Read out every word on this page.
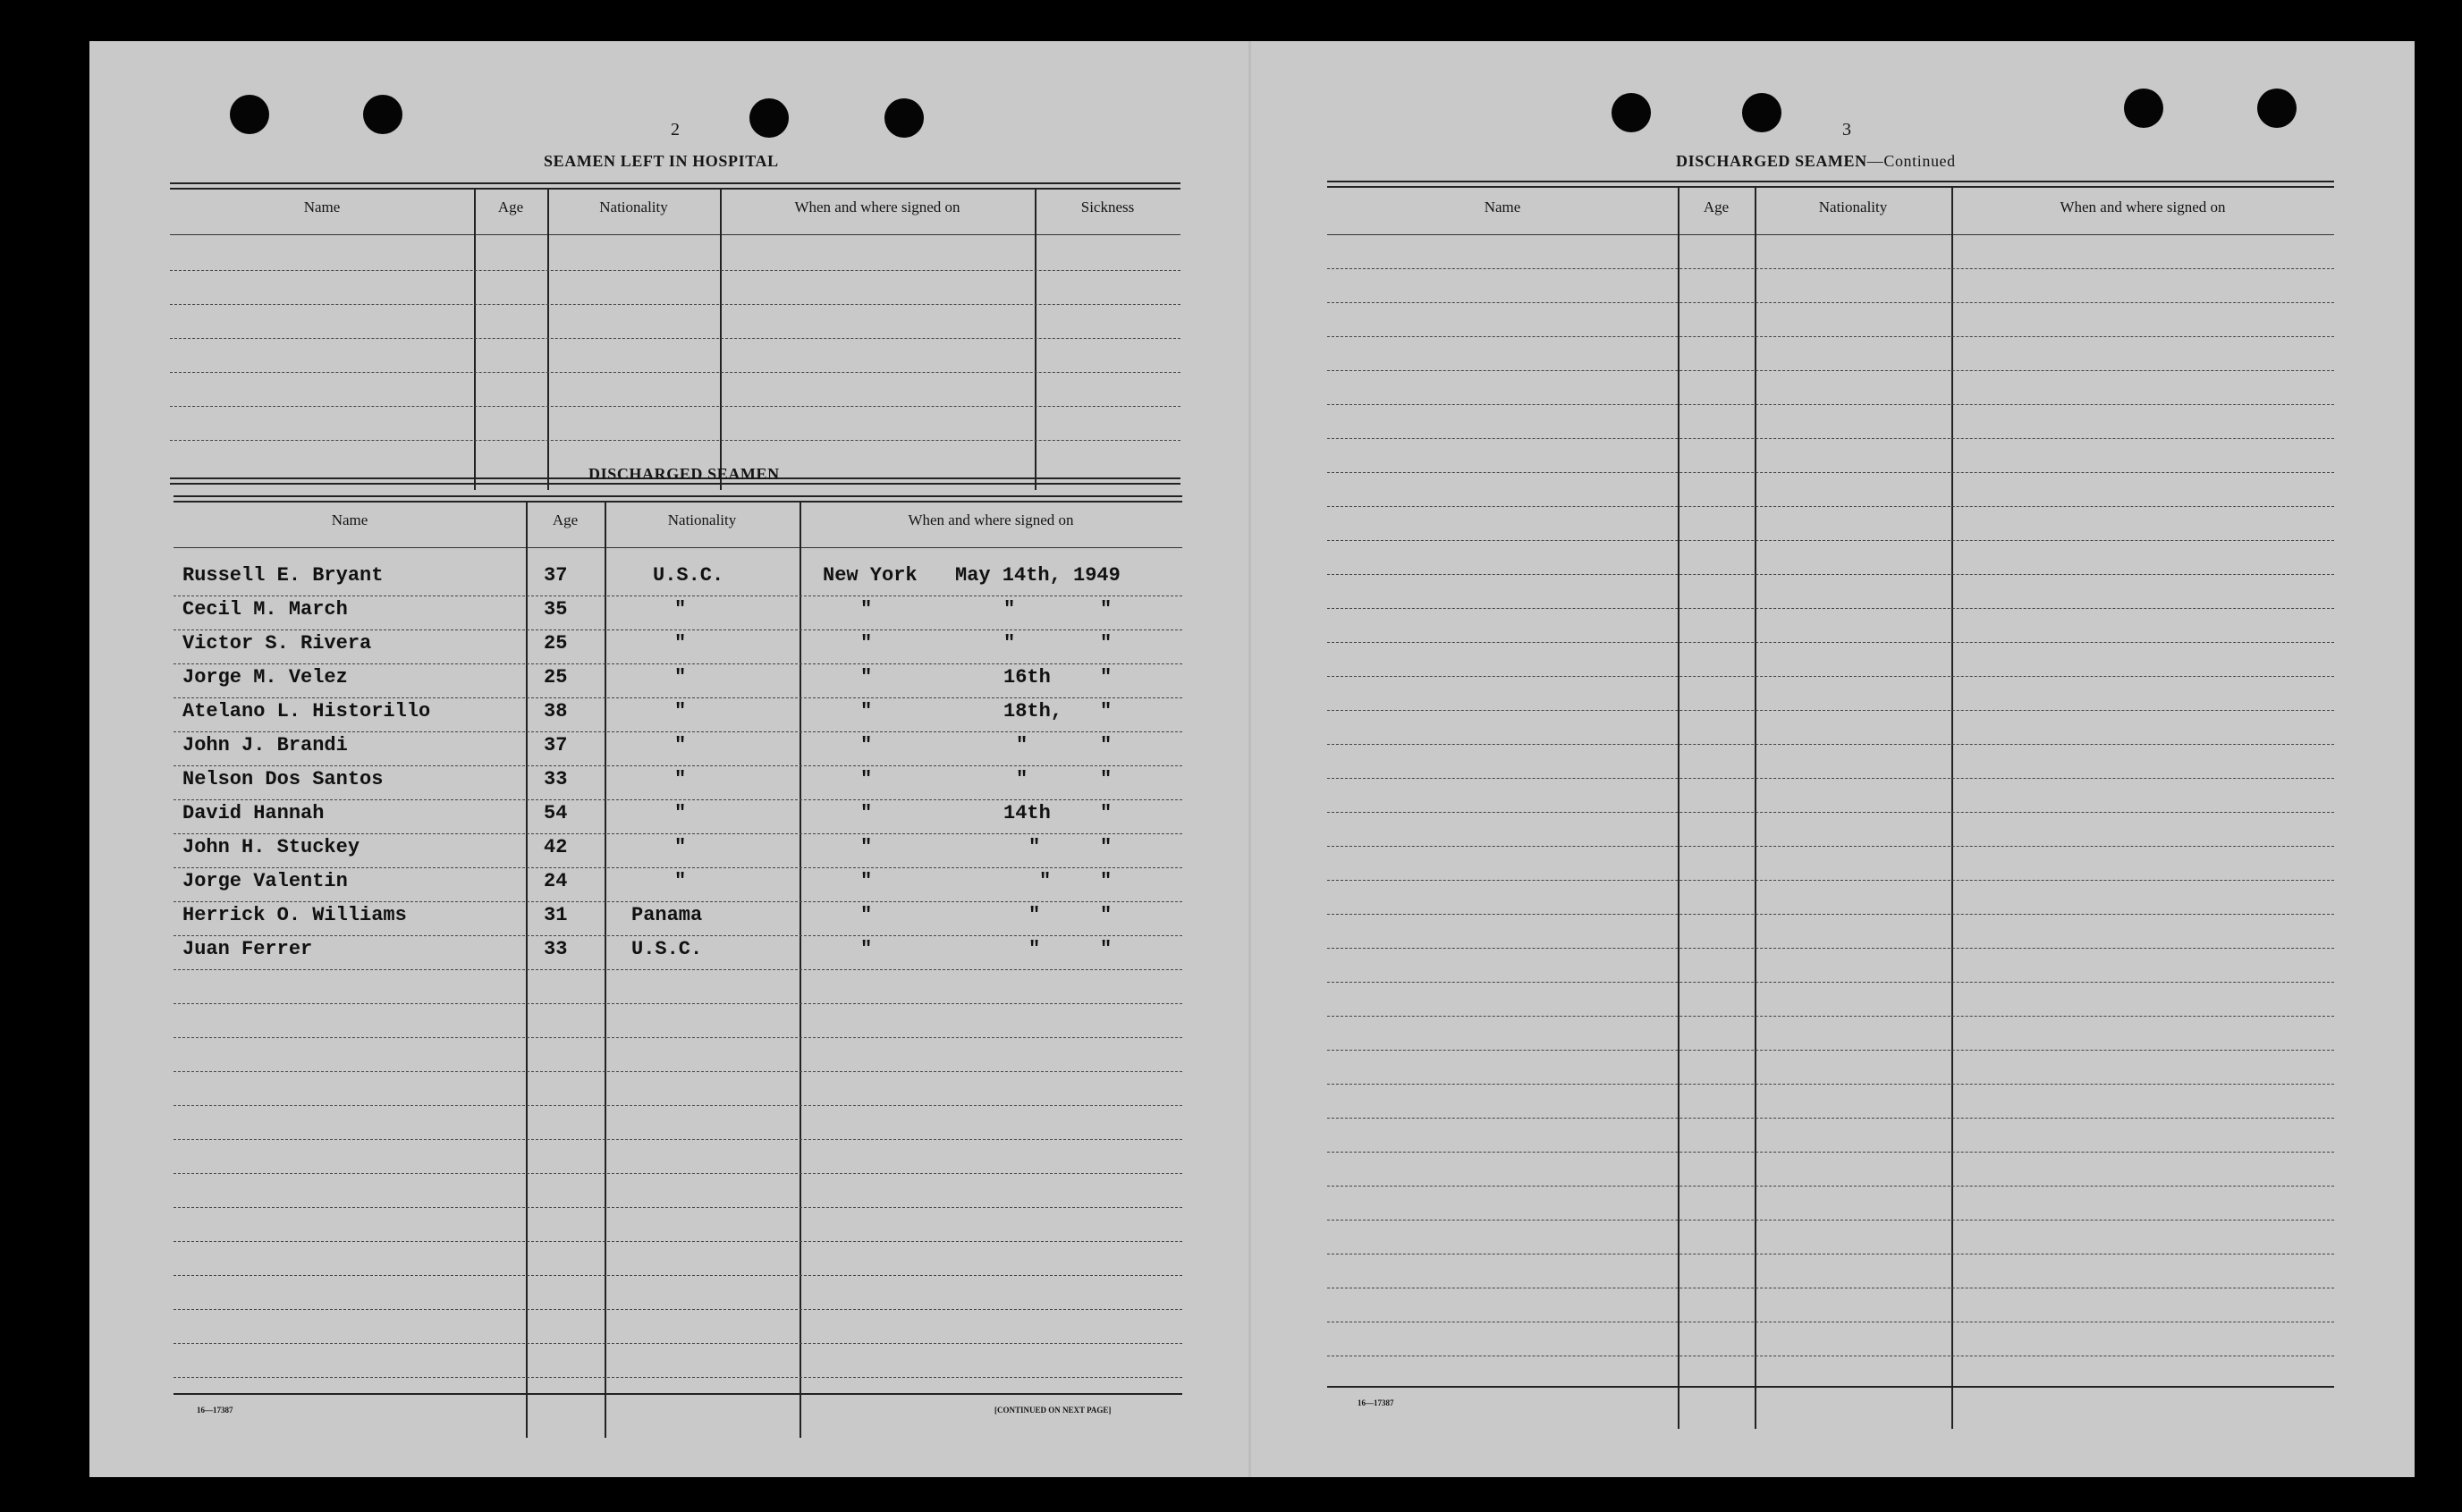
2
SEAMEN LEFT IN HOSPITAL
Name	Age	Nationality	When and where signed on	Sickness
DISCHARGED SEAMEN
Name	Age	Nationality	When and where signed on
Russell E. Bryant	37	U.S.C.	New York May 14th, 1949
Cecil M. March	35	"	"	"	"
Victor S. Rivera	25	"	"	"	"
Jorge M. Velez	25	"	"	16th	"
Atelano L. Historillo	38	"	"	18th, "
John J. Brandi	37	"	"	"	"
Nelson Dos Santos	33	"	"	"	"
David Hannah	54	"	"	14th	"
John H. Stuckey	42	"	"	"	"
Jorge Valentin	24	"	"	" "
Herrick O. Williams	31	Panama	"	"	"
Juan Ferrer	33	U.S.C.	"	"	"
16—17387	[CONTINUED ON NEXT PAGE]
3
DISCHARGED SEAMEN—Continued
Name	Age	Nationality	When and where signed on
16—17387
